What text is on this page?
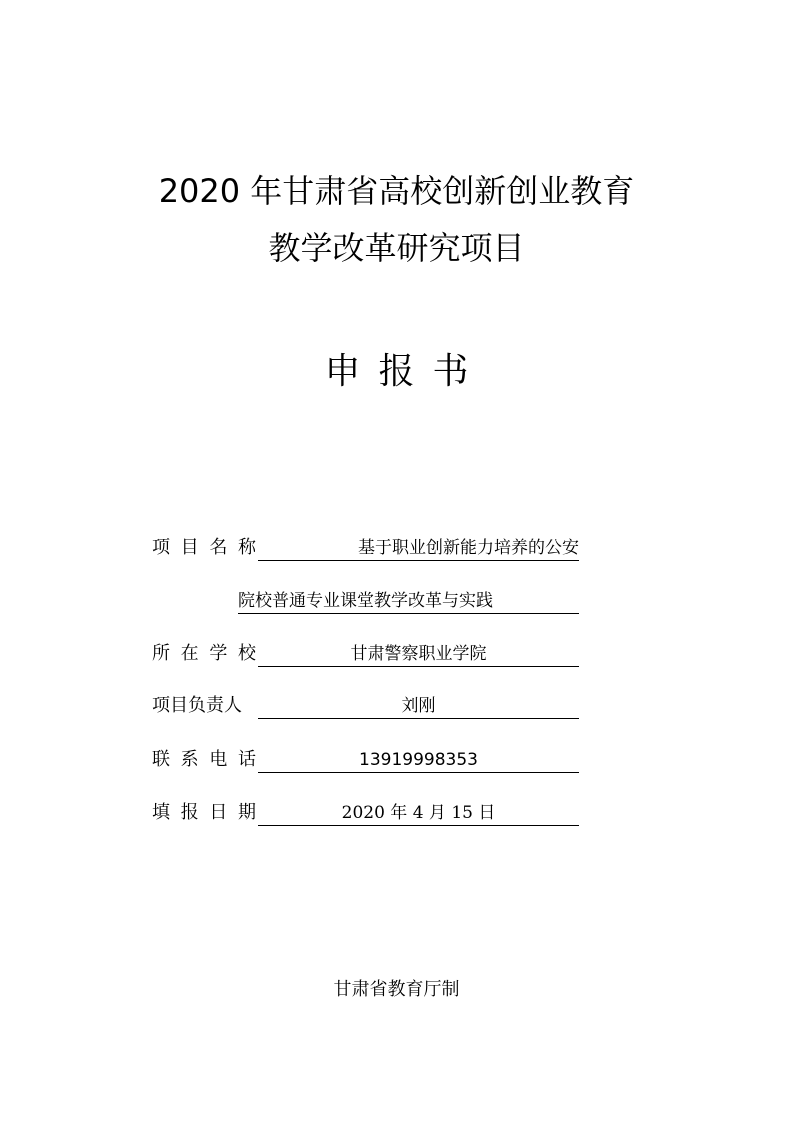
2020 年甘肃省高校创新创业教育
教学改革研究项目
申报书
项 目 名 称	基于职业创新能力培养的公安
院校普通专业课堂教学改革与实践
所 在 学 校	甘肃警察职业学院
项目负责人	刘刚
联 系 电 话	13919998353
填 报 日 期	2020 年 4 月 15 日
甘肃省教育厅制
